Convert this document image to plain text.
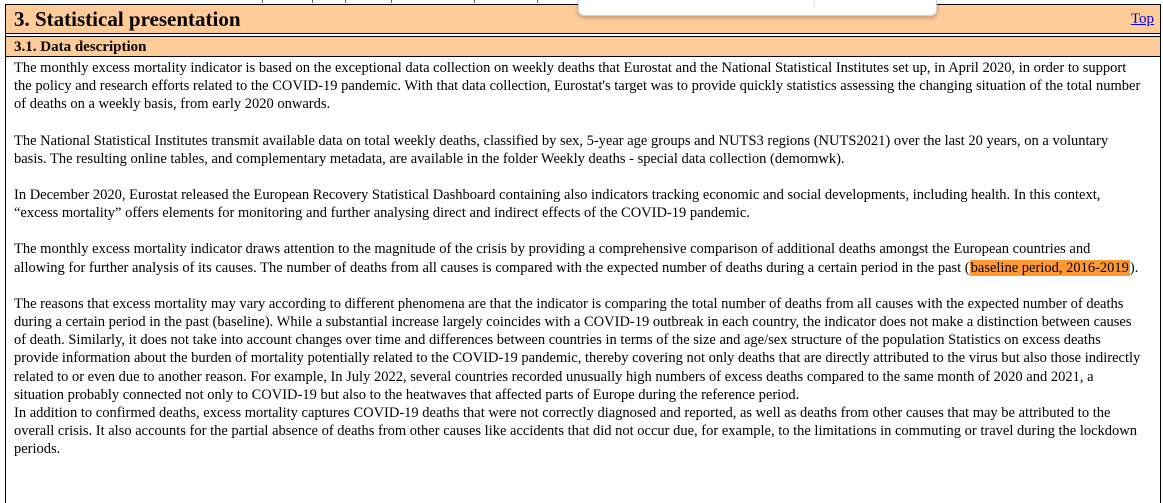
3. Statistical presentation	Top
3.1. Data description

The monthly excess mortality indicator is based on the exceptional data collection on weekly deaths that Eurostat and the National Statistical Institutes set up, in April 2020, in order to support the policy and research efforts related to the COVID-19 pandemic. With that data collection, Eurostat's target was to provide quickly statistics assessing the changing situation of the total number of deaths on a weekly basis, from early 2020 onwards.

The National Statistical Institutes transmit available data on total weekly deaths, classified by sex, 5-year age groups and NUTS3 regions (NUTS2021) over the last 20 years, on a voluntary basis. The resulting online tables, and complementary metadata, are available in the folder Weekly deaths - special data collection (demomwk).

In December 2020, Eurostat released the European Recovery Statistical Dashboard containing also indicators tracking economic and social developments, including health. In this context, “excess mortality” offers elements for monitoring and further analysing direct and indirect effects of the COVID-19 pandemic.

The monthly excess mortality indicator draws attention to the magnitude of the crisis by providing a comprehensive comparison of additional deaths amongst the European countries and allowing for further analysis of its causes. The number of deaths from all causes is compared with the expected number of deaths during a certain period in the past (baseline period, 2016-2019).

The reasons that excess mortality may vary according to different phenomena are that the indicator is comparing the total number of deaths from all causes with the expected number of deaths during a certain period in the past (baseline). While a substantial increase largely coincides with a COVID-19 outbreak in each country, the indicator does not make a distinction between causes of death. Similarly, it does not take into account changes over time and differences between countries in terms of the size and age/sex structure of the population Statistics on excess deaths provide information about the burden of mortality potentially related to the COVID-19 pandemic, thereby covering not only deaths that are directly attributed to the virus but also those indirectly related to or even due to another reason. For example, In July 2022, several countries recorded unusually high numbers of excess deaths compared to the same month of 2020 and 2021, a situation probably connected not only to COVID-19 but also to the heatwaves that affected parts of Europe during the reference period.

In addition to confirmed deaths, excess mortality captures COVID-19 deaths that were not correctly diagnosed and reported, as well as deaths from other causes that may be attributed to the overall crisis. It also accounts for the partial absence of deaths from other causes like accidents that did not occur due, for example, to the limitations in commuting or travel during the lockdown periods.
